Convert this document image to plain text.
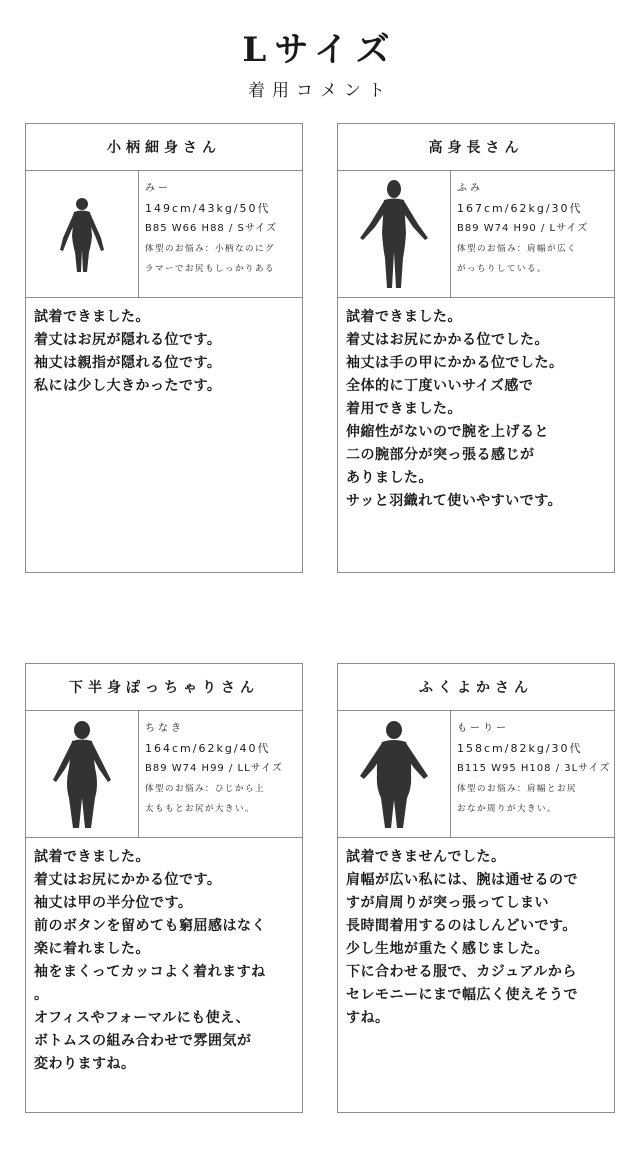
Lサイズ
着用コメント
小柄細身さん
みー
149cm/43kg/50代
B85 W66 H88 / Sサイズ
体型のお悩み：小柄なのにグ
ラマーでお尻もしっかりある
試着できました。
着丈はお尻が隠れる位です。
袖丈は親指が隠れる位です。
私には少し大きかったです。
高身長さん
ふみ
167cm/62kg/30代
B89 W74 H90 / Lサイズ
体型のお悩み：肩幅が広く
がっちりしている。
試着できました。
着丈はお尻にかかる位でした。
袖丈は手の甲にかかる位でした。
全体的に丁度いいサイズ感で
着用できました。
伸縮性がないので腕を上げると
二の腕部分が突っ張る感じが
ありました。
サッと羽織れて使いやすいです。
下半身ぽっちゃりさん
ちなき
164cm/62kg/40代
B89 W74 H99 / LLサイズ
体型のお悩み：ひじから上
太ももとお尻が大きい。
試着できました。
着丈はお尻にかかる位です。
袖丈は甲の半分位です。
前のボタンを留めても窮屈感はなく
楽に着れました。
袖をまくってカッコよく着れますね
。
オフィスやフォーマルにも使え、
ボトムスの組み合わせで雰囲気が
変わりますね。
ふくよかさん
もーりー
158cm/82kg/30代
B115 W95 H108 / 3Lサイズ
体型のお悩み：肩幅とお尻
おなか周りが大きい。
試着できませんでした。
肩幅が広い私には、腕は通せるので
すが肩周りが突っ張ってしまい
長時間着用するのはしんどいです。
少し生地が重たく感じました。
下に合わせる服で、カジュアルから
セレモニーにまで幅広く使えそうで
すね。
